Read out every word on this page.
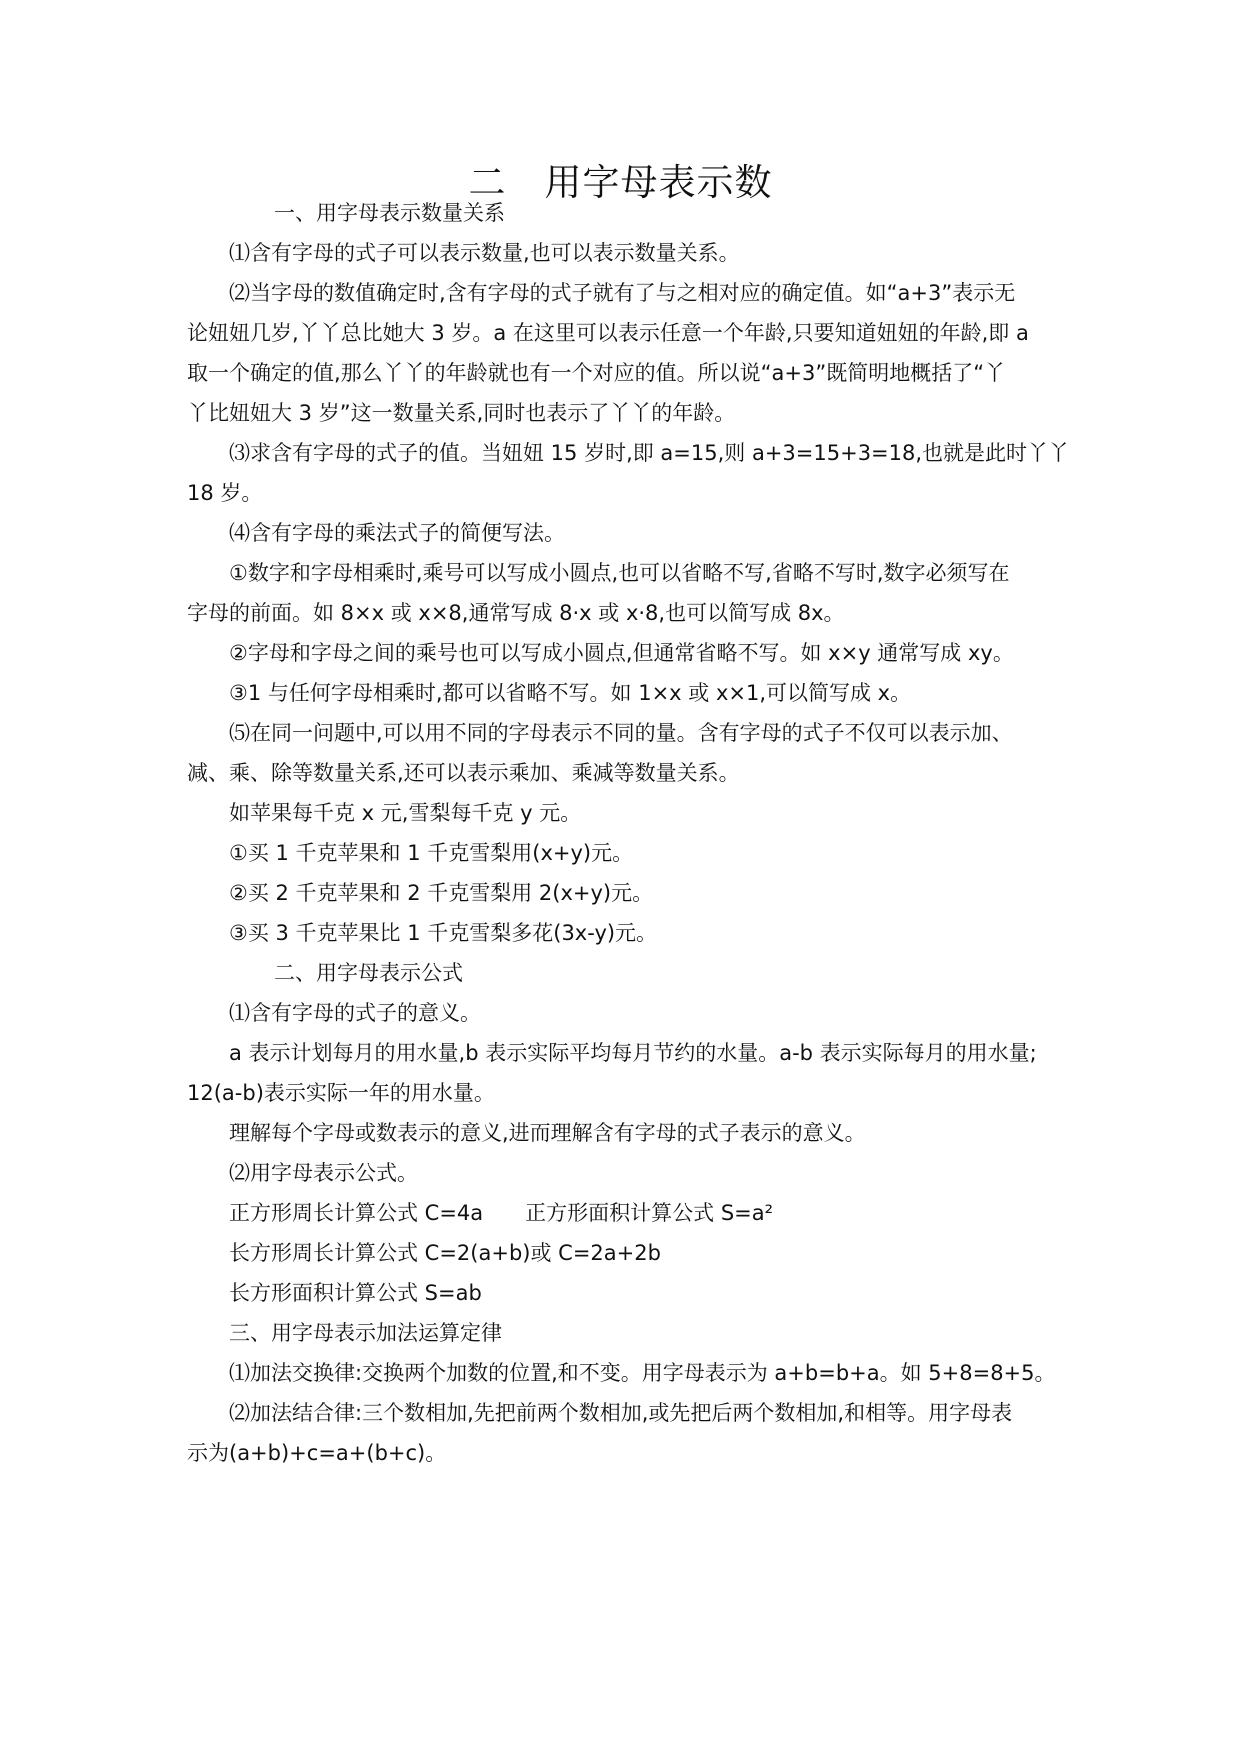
二　用字母表示数
一、用字母表示数量关系
⑴含有字母的式子可以表示数量,也可以表示数量关系。
⑵当字母的数值确定时,含有字母的式子就有了与之相对应的确定值。如“a+3”表示无
论妞妞几岁,丫丫总比她大 3 岁。a 在这里可以表示任意一个年龄,只要知道妞妞的年龄,即 a
取一个确定的值,那么丫丫的年龄就也有一个对应的值。所以说“a+3”既简明地概括了“丫
丫比妞妞大 3 岁”这一数量关系,同时也表示了丫丫的年龄。
⑶求含有字母的式子的值。当妞妞 15 岁时,即 a=15,则 a+3=15+3=18,也就是此时丫丫
18 岁。
⑷含有字母的乘法式子的简便写法。
①数字和字母相乘时,乘号可以写成小圆点,也可以省略不写,省略不写时,数字必须写在
字母的前面。如 8×x 或 x×8,通常写成 8·x 或 x·8,也可以简写成 8x。
②字母和字母之间的乘号也可以写成小圆点,但通常省略不写。如 x×y 通常写成 xy。
③1 与任何字母相乘时,都可以省略不写。如 1×x 或 x×1,可以简写成 x。
⑸在同一问题中,可以用不同的字母表示不同的量。含有字母的式子不仅可以表示加、
减、乘、除等数量关系,还可以表示乘加、乘减等数量关系。
如苹果每千克 x 元,雪梨每千克 y 元。
①买 1 千克苹果和 1 千克雪梨用(x+y)元。
②买 2 千克苹果和 2 千克雪梨用 2(x+y)元。
③买 3 千克苹果比 1 千克雪梨多花(3x-y)元。
二、用字母表示公式
⑴含有字母的式子的意义。
a 表示计划每月的用水量,b 表示实际平均每月节约的水量。a-b 表示实际每月的用水量;
12(a-b)表示实际一年的用水量。
理解每个字母或数表示的意义,进而理解含有字母的式子表示的意义。
⑵用字母表示公式。
正方形周长计算公式 C=4a　　正方形面积计算公式 S=a²
长方形周长计算公式 C=2(a+b)或 C=2a+2b
长方形面积计算公式 S=ab
三、用字母表示加法运算定律
⑴加法交换律:交换两个加数的位置,和不变。用字母表示为 a+b=b+a。如 5+8=8+5。
⑵加法结合律:三个数相加,先把前两个数相加,或先把后两个数相加,和相等。用字母表
示为(a+b)+c=a+(b+c)。
